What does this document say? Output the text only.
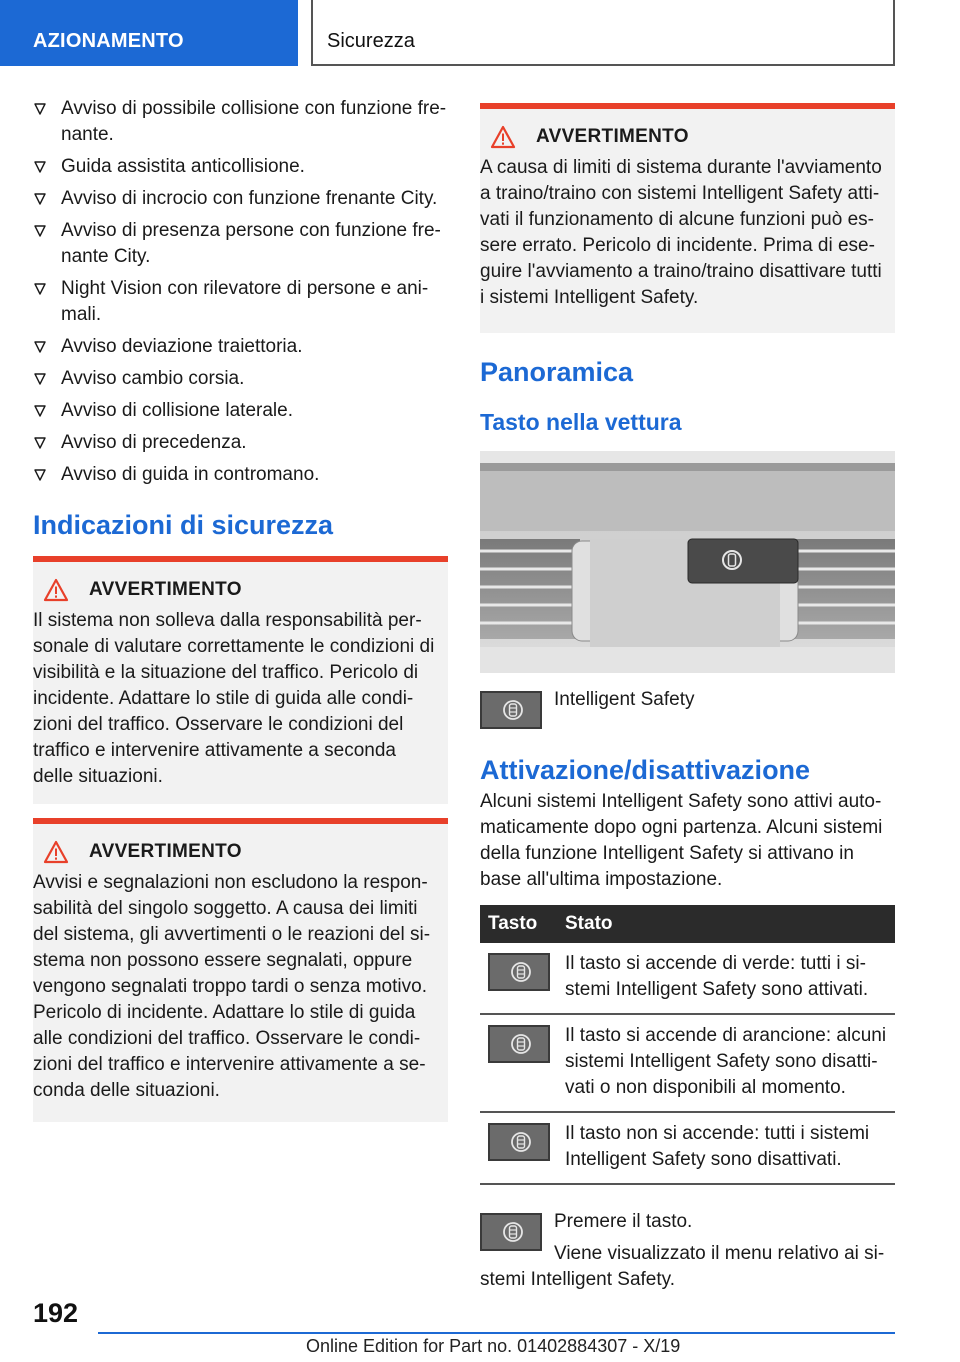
AZIONAMENTO	Sicurezza
Avviso di possibile collisione con funzione fre-nante.
Guida assistita anticollisione.
Avviso di incrocio con funzione frenante City.
Avviso di presenza persone con funzione fre-nante City.
Night Vision con rilevatore di persone e ani-mali.
Avviso deviazione traiettoria.
Avviso cambio corsia.
Avviso di collisione laterale.
Avviso di precedenza.
Avviso di guida in contromano.
Indicazioni di sicurezza
AVVERTIMENTO
Il sistema non solleva dalla responsabilità per-sonale di valutare correttamente le condizioni di visibilità e la situazione del traffico. Pericolo di incidente. Adattare lo stile di guida alle condi-zioni del traffico. Osservare le condizioni del traffico e intervenire attivamente a seconda delle situazioni.
AVVERTIMENTO
Avvisi e segnalazioni non escludono la respon-sabilità del singolo soggetto. A causa dei limiti del sistema, gli avvertimenti o le reazioni del si-stema non possono essere segnalati, oppure vengono segnalati troppo tardi o senza motivo. Pericolo di incidente. Adattare lo stile di guida alle condizioni del traffico. Osservare le condi-zioni del traffico e intervenire attivamente a se-conda delle situazioni.
AVVERTIMENTO
A causa di limiti di sistema durante l'avviamento a traino/traino con sistemi Intelligent Safety atti-vati il funzionamento di alcune funzioni può es-sere errato. Pericolo di incidente. Prima di ese-guire l'avviamento a traino/traino disattivare tutti i sistemi Intelligent Safety.
Panoramica
Tasto nella vettura
Intelligent Safety
Attivazione/disattivazione
Alcuni sistemi Intelligent Safety sono attivi auto-maticamente dopo ogni partenza. Alcuni sistemi della funzione Intelligent Safety si attivano in base all'ultima impostazione.
Tasto	Stato

	Il tasto si accende di verde: tutti i si-stemi Intelligent Safety sono attivati.

	Il tasto si accende di arancione: alcuni sistemi Intelligent Safety sono disatti-vati o non disponibili al momento.

	Il tasto non si accende: tutti i sistemi Intelligent Safety sono disattivati.
Premere il tasto.
Viene visualizzato il menu relativo ai si-stemi Intelligent Safety.
192
Online Edition for Part no. 01402884307 - X/19
